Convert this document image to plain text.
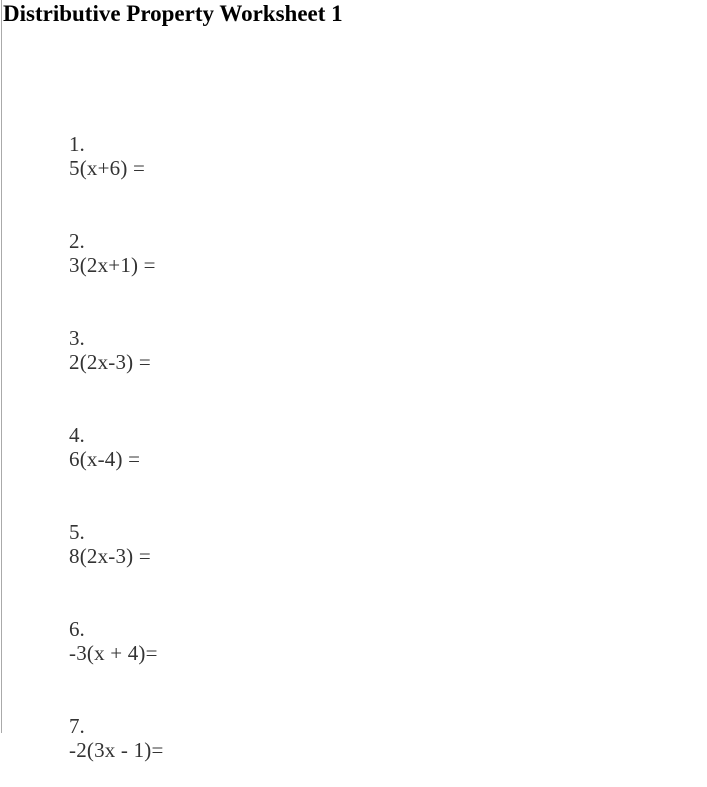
Distributive Property Worksheet 1

1.
5(x+6) =

2.
3(2x+1) =

3.
2(2x-3) =

4.
6(x-4) =

5.
8(2x-3) =

6.
-3(x + 4)=

7.
-2(3x - 1)=
